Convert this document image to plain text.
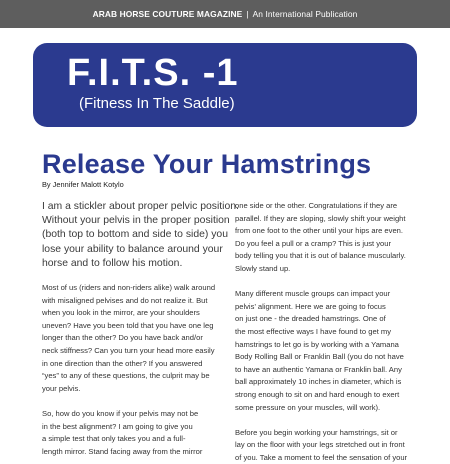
ARAB HORSE COUTURE MAGAZINE | An International Publication
F.I.T.S. -1
(Fitness In The Saddle)
Release Your Hamstrings
By Jennifer Malott Kotylo

I am a stickler about proper pelvic position.
Without your pelvis in the proper position
(both top to bottom and side to side) you
lose your ability to balance around your
horse and to follow his motion.

Most of us (riders and non-riders alike) walk around
with misaligned pelvises and do not realize it. But
when you look in the mirror, are your shoulders
uneven? Have you been told that you have one leg
longer than the other? Do you have back and/or
neck stiffness? Can you turn your head more easily
in one direction than the other? If you answered
“yes” to any of these questions, the culprit may be
your pelvis.

So, how do you know if your pelvis may not be
in the best alignment? I am going to give you
a simple test that only takes you and a full-
length mirror. Stand facing away from the mirror

one side or the other. Congratulations if they are
parallel. If they are sloping, slowly shift your weight
from one foot to the other until your hips are even.
Do you feel a pull or a cramp? This is just your
body telling you that it is out of balance muscularly.
Slowly stand up.

Many different muscle groups can impact your
pelvis’ alignment. Here we are going to focus
on just one - the dreaded hamstrings. One of
the most effective ways I have found to get my
hamstrings to let go is by working with a Yamana
Body Rolling Ball or Franklin Ball (you do not have
to have an authentic Yamana or Franklin ball. Any
ball approximately 10 inches in diameter, which is
strong enough to sit on and hard enough to exert
some pressure on your muscles, will work).

Before you begin working your hamstrings, sit or
lay on the floor with your legs stretched out in front
of you. Take a moment to feel the sensation of your
